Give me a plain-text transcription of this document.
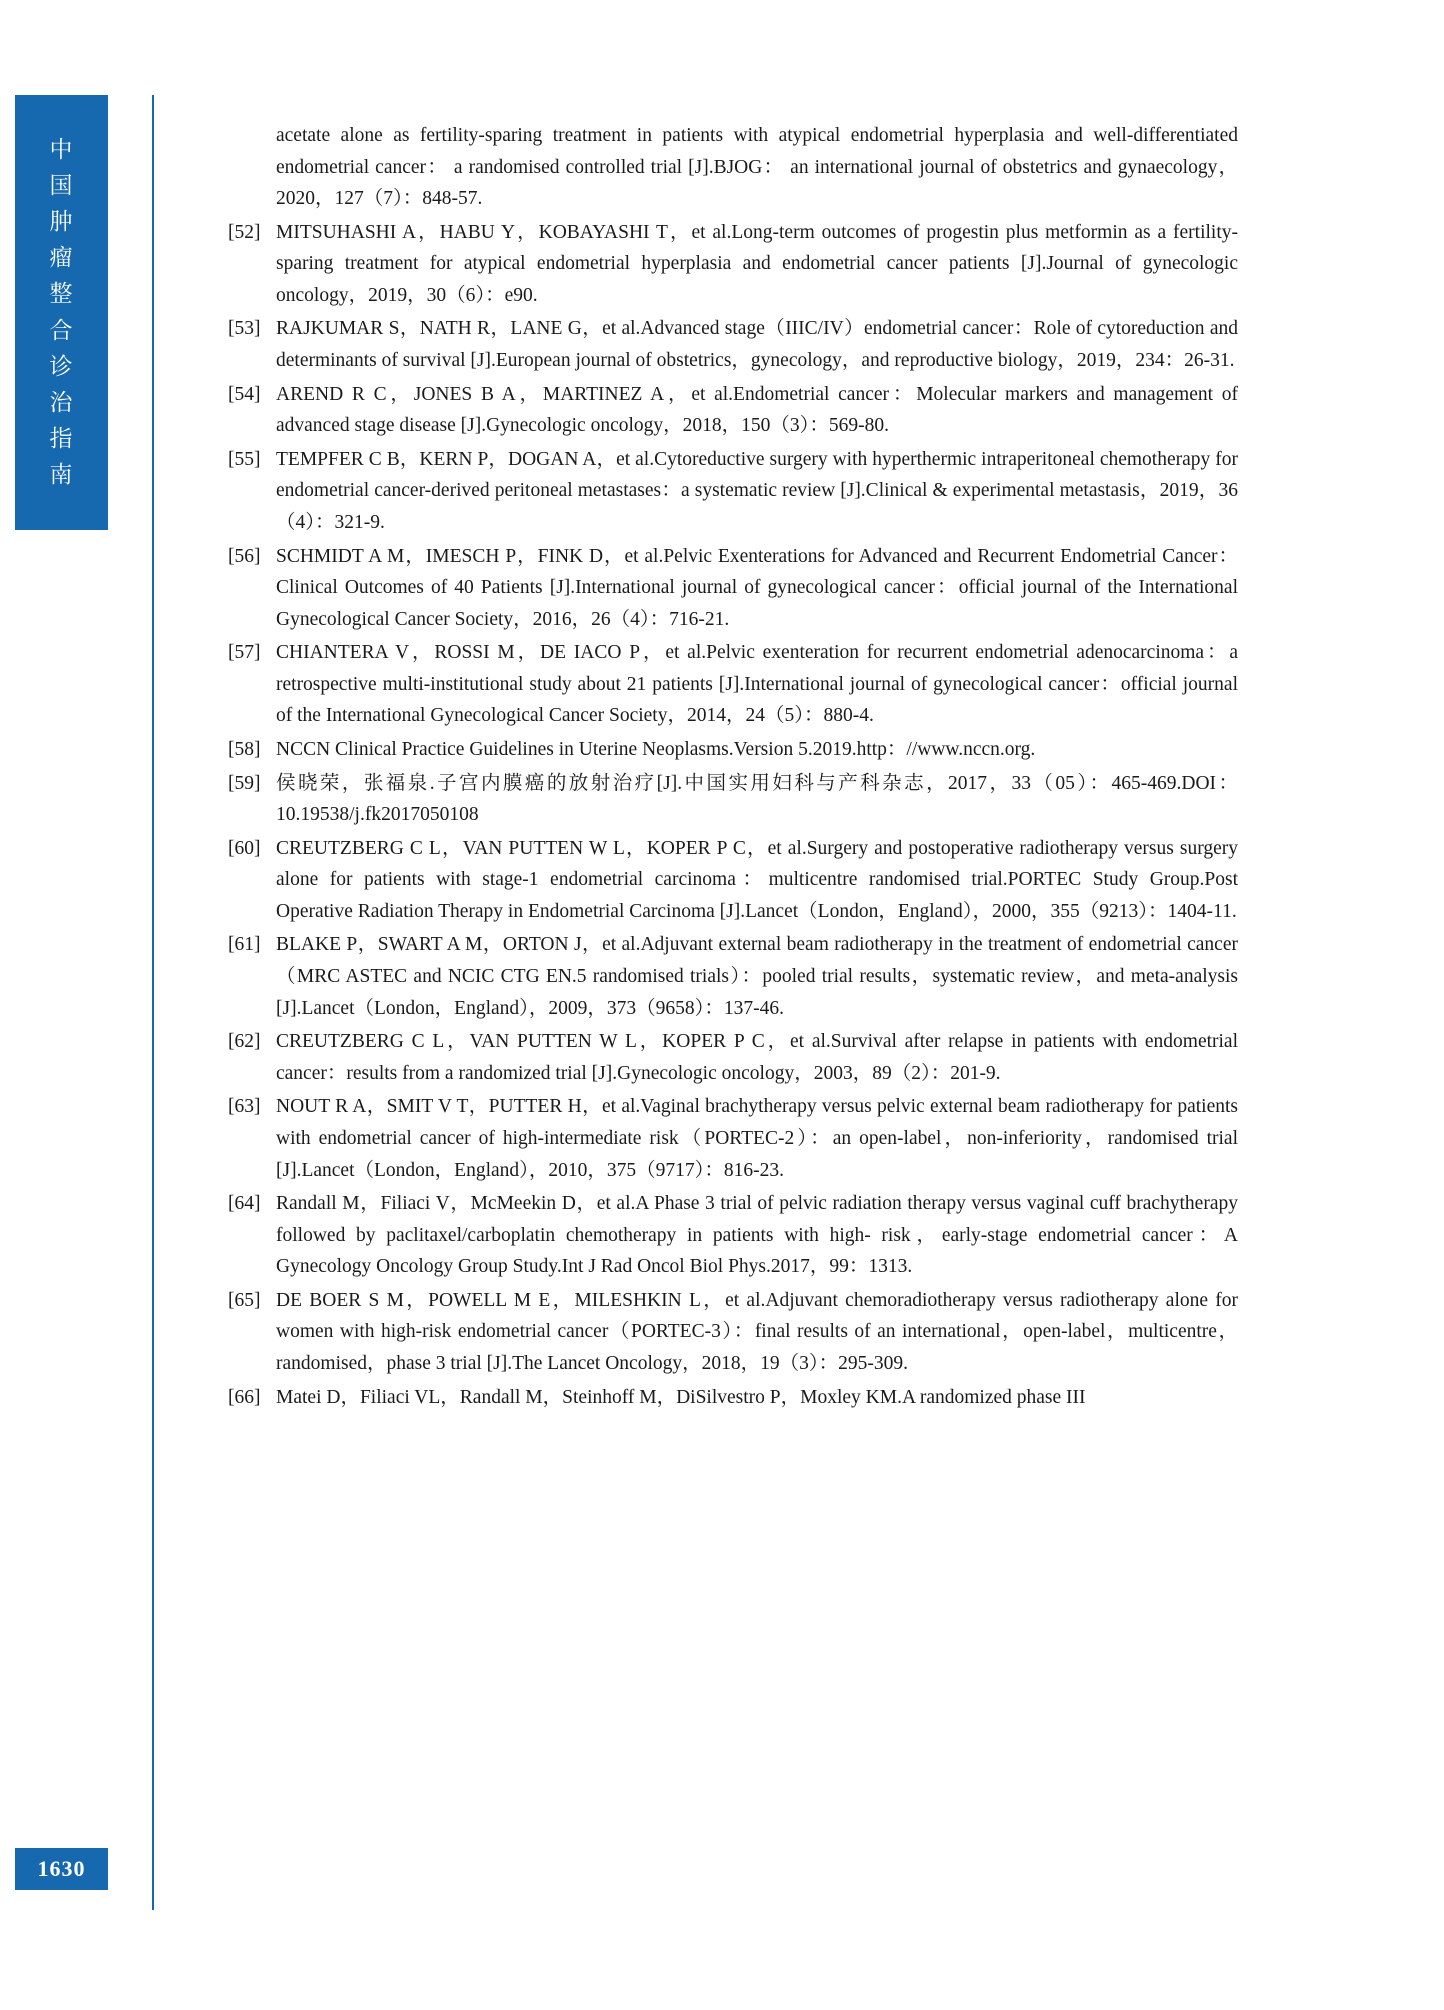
中
国
肿
瘤
整
合
诊
治
指
南
1630
acetate alone as fertility-sparing treatment in patients with atypical endometrial hyperplasia and well-differentiated endometrial cancer： a randomised controlled trial [J].BJOG： an international journal of obstetrics and gynaecology，2020，127（7）：848-57.
[52] MITSUHASHI A，HABU Y，KOBAYASHI T，et al.Long-term outcomes of progestin plus metformin as a fertility-sparing treatment for atypical endometrial hyperplasia and endometrial cancer patients [J].Journal of gynecologic oncology，2019，30（6）：e90.
[53] RAJKUMAR S，NATH R，LANE G，et al.Advanced stage（IIIC/IV）endometrial cancer：Role of cytoreduction and determinants of survival [J].European journal of obstetrics，gynecology，and reproductive biology，2019，234：26-31.
[54] AREND R C，JONES B A，MARTINEZ A，et al.Endometrial cancer：Molecular markers and management of advanced stage disease [J].Gynecologic oncology，2018，150（3）：569-80.
[55] TEMPFER C B，KERN P，DOGAN A，et al.Cytoreductive surgery with hyperthermic intraperitoneal chemotherapy for endometrial cancer-derived peritoneal metastases：a systematic review [J].Clinical & experimental metastasis，2019，36（4）：321-9.
[56] SCHMIDT A M，IMESCH P，FINK D，et al.Pelvic Exenterations for Advanced and Recurrent Endometrial Cancer：Clinical Outcomes of 40 Patients [J].International journal of gynecological cancer：official journal of the International Gynecological Cancer Society，2016，26（4）：716-21.
[57] CHIANTERA V，ROSSI M，DE IACO P，et al.Pelvic exenteration for recurrent endometrial adenocarcinoma：a retrospective multi-institutional study about 21 patients [J].International journal of gynecological cancer：official journal of the International Gynecological Cancer Society，2014，24（5）：880-4.
[58] NCCN Clinical Practice Guidelines in Uterine Neoplasms.Version 5.2019.http：//www.nccn.org.
[59] 侯晓荣，张福泉.子宫内膜癌的放射治疗[J].中国实用妇科与产科杂志，2017，33（05）：465-469.DOI：10.19538/j.fk2017050108
[60] CREUTZBERG C L，VAN PUTTEN W L，KOPER P C，et al.Surgery and postoperative radiotherapy versus surgery alone for patients with stage-1 endometrial carcinoma：multicentre randomised trial.PORTEC Study Group.Post Operative Radiation Therapy in Endometrial Carcinoma [J].Lancet（London，England），2000，355（9213）：1404-11.
[61] BLAKE P，SWART A M，ORTON J，et al.Adjuvant external beam radiotherapy in the treatment of endometrial cancer（MRC ASTEC and NCIC CTG EN.5 randomised trials）：pooled trial results，systematic review，and meta-analysis [J].Lancet（London，England），2009，373（9658）：137-46.
[62] CREUTZBERG C L，VAN PUTTEN W L，KOPER P C，et al.Survival after relapse in patients with endometrial cancer：results from a randomized trial [J].Gynecologic oncology，2003，89（2）：201-9.
[63] NOUT R A，SMIT V T，PUTTER H，et al.Vaginal brachytherapy versus pelvic external beam radiotherapy for patients with endometrial cancer of high-intermediate risk（PORTEC-2）：an open-label，non-inferiority，randomised trial [J].Lancet（London，England），2010，375（9717）：816-23.
[64] Randall M，Filiaci V，McMeekin D，et al.A Phase 3 trial of pelvic radiation therapy versus vaginal cuff brachytherapy followed by paclitaxel/carboplatin chemotherapy in patients with high- risk，early-stage endometrial cancer：A Gynecology Oncology Group Study.Int J Rad Oncol Biol Phys.2017，99：1313.
[65] DE BOER S M，POWELL M E，MILESHKIN L，et al.Adjuvant chemoradiotherapy versus radiotherapy alone for women with high-risk endometrial cancer（PORTEC-3）：final results of an international，open-label，multicentre，randomised，phase 3 trial [J].The Lancet Oncology，2018，19（3）：295-309.
[66] Matei D，Filiaci VL，Randall M，Steinhoff M，DiSilvestro P，Moxley KM.A randomized phase III
